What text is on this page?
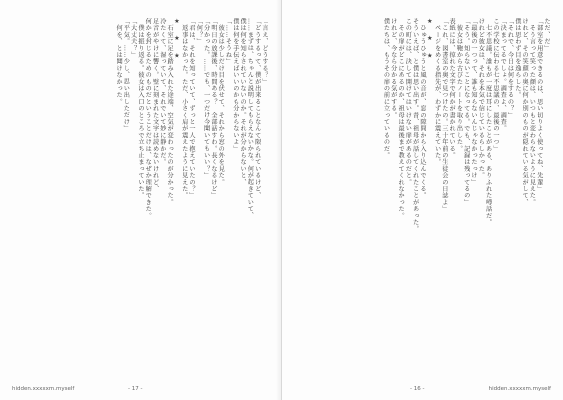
「言え、どうする？」
「どうするって、僕が出来ることなんて限られているけど、
……まずは、ちゃんと説明してもらえないかな。何が起きていて、
僕は何を知らされていないのか。それが分からないと、
僕は何を手伝えばいいのかも分からないよ」
「……そうね」
　彼女は少しだけ目を伏せて、それから窓の外を見た。
「明日の放課後、時間ある？　全部話すわ。長くなるけど」
「分かった。……でも、一つだけ今聞いてもいい？」
「何？」
「君は、それを知っていて、ずっと一人で抱えていたの？」
　返事はなかった。ただ、小さく肩が震えたように見えた。
★　★　★
　石室に足を踏み入れた途端、空気が変わったのが分かった。
冷たくて、湿っていて、それでいて妙に静かだ。
足音がやけに響く。壁に刻まれた文字は読めないけれど、
何かを封じるためのものだということだけは、なぜか理解できた。
　僕は振り返る。彼女は入口のところで立ち止まっていた。
「大丈夫？」
「平気。……少し、思い出しただけ」
　何を、とは聞けなかった。
hidden.xxxxxm.myself	- 17 -
ただ、だ」
「部室を用意できるのは、思い切りよく使ってね、先輩」
　そう言って笑った顔は、いつもと変わらないように見えた。
けれど、その笑顔の奥に何か別のものが隠れている気がして、
僕は思わず目を逸らした。
「それで、今日は何をするの？」
「決まってるでしょ。調査よ、調査。
この学校に伝わる七不思議の、最後の一つ」
　七不思議。誰もが一度は耳にしたことがある、ありふれた噂話だ。
けれど彼女は、それを本気で信じているらしかった。
「最後の一つって、誰も知らないんじゃなかったっけ」
「そう。知らないことになってる。でも、記録は残ってるの」
　彼女は鞄から古びたノートを取り出した。
表紙には、掠れた文字で何かが書かれている。
「これ、図書室の奥で見つけたの。三十年前の生徒会の日誌よ」
　ページをめくる指先が、わずかに震えていた。
★　★　★
　ひゅうひゅうと風の音が、窓の隙間から入り込んでくる。
そういえば、と僕は思い出す。昔、祖母が話してくれたことがあった。
この町には、決して開けてはいけない扉があるのだと。
　その扉がどこにあるのか、祖母は最後まで教えてくれなかった。
けれど、今なら分かる気がする。
僕たちは、もうその扉の前に立っているのだ。
- 16 -	hidden.xxxxxm.myself
